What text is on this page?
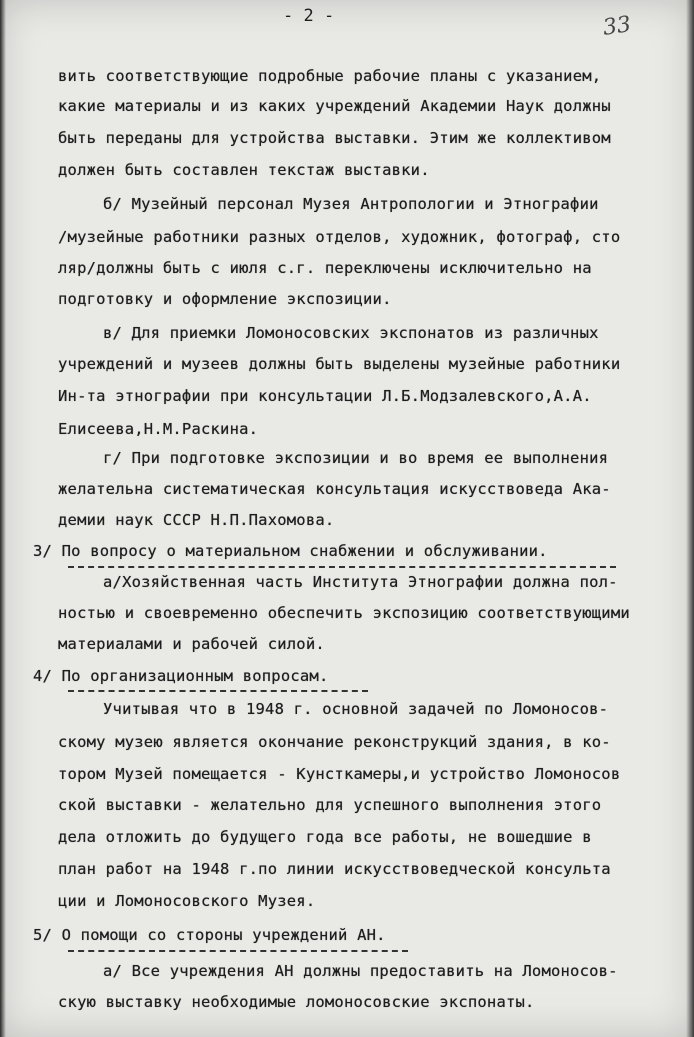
- 2 -	33
вить соответствующие подробные рабочие планы с указанием,
какие материалы и из каких учреждений Академии Наук должны
быть переданы для устройства выставки. Этим же коллективом
должен быть составлен текстаж выставки.
б/ Музейный персонал Музея Антропологии и Этнографии
/музейные работники разных отделов, художник, фотограф, сто
ляр/должны быть с июля с.г. переключены исключительно на
подготовку и оформление экспозиции.
в/ Для приемки Ломоносовских экспонатов из различных
учреждений и музеев должны быть выделены музейные работники
Ин-та этнографии при консультации Л.Б.Модзалевского,А.А.
Елисеева,Н.М.Раскина.
г/ При подготовке экспозиции и во время ее выполнения
желательна систематическая консультация искусствоведа Ака-
демии наук СССР Н.П.Пахомова.
3/ По вопросу о материальном снабжении и обслуживании.
а/Хозяйственная часть Института Этнографии должна пол-
ностью и своевременно обеспечить экспозицию соответствующими
материалами и рабочей силой.
4/ По организационным вопросам.
Учитывая что в 1948 г. основной задачей по Ломоносов-
скому музею является окончание реконструкций здания, в ко-
тором Музей помещается - Кунсткамеры,и устройство Ломоносов
ской выставки - желательно для успешного выполнения этого
дела отложить до будущего года все работы, не вошедшие в
план работ на 1948 г.по линии искусствоведческой консульта
ции и Ломоносовского Музея.
5/ О помощи со стороны учреждений АН.
а/ Все учреждения АН должны предоставить на Ломоносов-
скую выставку необходимые ломоносовские экспонаты.
